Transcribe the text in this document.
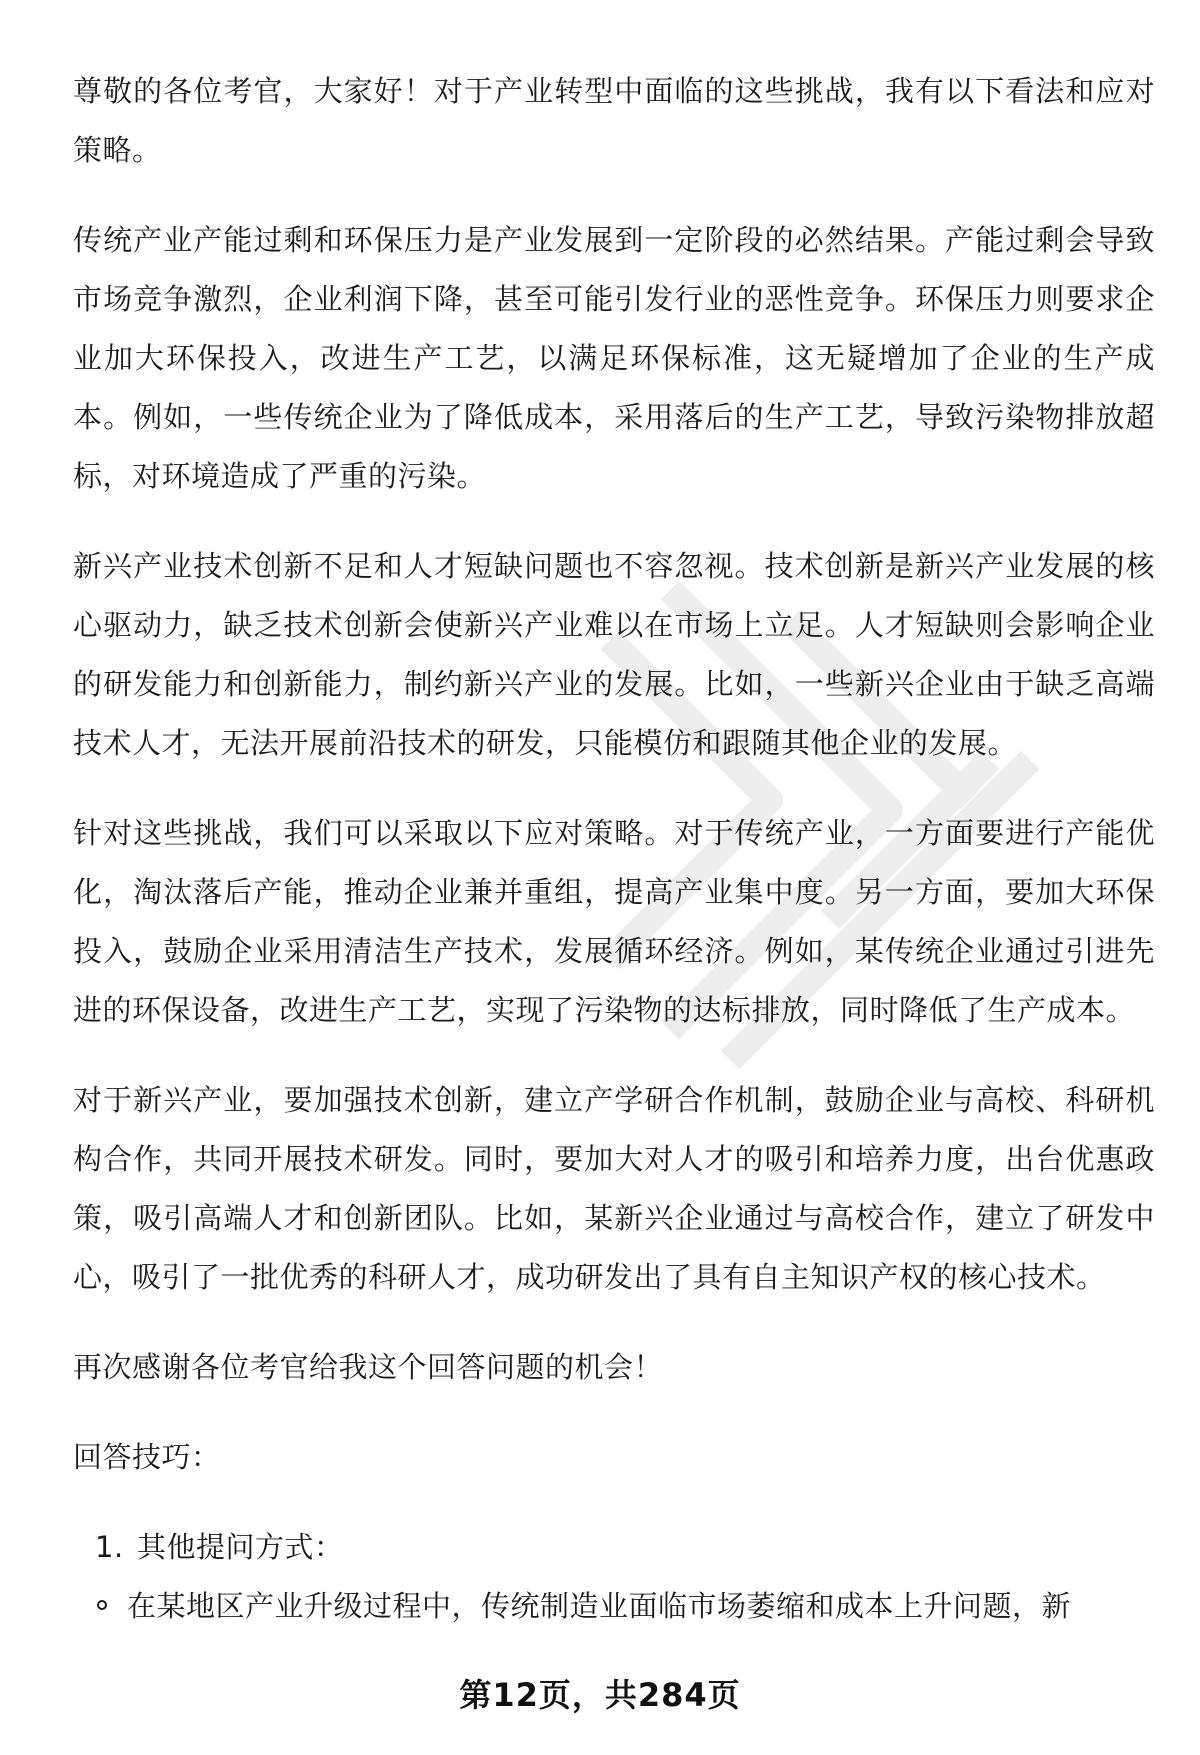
尊敬的各位考官，大家好！对于产业转型中面临的这些挑战，我有以下看法和应对策略。

传统产业产能过剩和环保压力是产业发展到一定阶段的必然结果。产能过剩会导致市场竞争激烈，企业利润下降，甚至可能引发行业的恶性竞争。环保压力则要求企业加大环保投入，改进生产工艺，以满足环保标准，这无疑增加了企业的生产成本。例如，一些传统企业为了降低成本，采用落后的生产工艺，导致污染物排放超标，对环境造成了严重的污染。

新兴产业技术创新不足和人才短缺问题也不容忽视。技术创新是新兴产业发展的核心驱动力，缺乏技术创新会使新兴产业难以在市场上立足。人才短缺则会影响企业的研发能力和创新能力，制约新兴产业的发展。比如，一些新兴企业由于缺乏高端技术人才，无法开展前沿技术的研发，只能模仿和跟随其他企业的发展。

针对这些挑战，我们可以采取以下应对策略。对于传统产业，一方面要进行产能优化，淘汰落后产能，推动企业兼并重组，提高产业集中度。另一方面，要加大环保投入，鼓励企业采用清洁生产技术，发展循环经济。例如，某传统企业通过引进先进的环保设备，改进生产工艺，实现了污染物的达标排放，同时降低了生产成本。

对于新兴产业，要加强技术创新，建立产学研合作机制，鼓励企业与高校、科研机构合作，共同开展技术研发。同时，要加大对人才的吸引和培养力度，出台优惠政策，吸引高端人才和创新团队。比如，某新兴企业通过与高校合作，建立了研发中心，吸引了一批优秀的科研人才，成功研发出了具有自主知识产权的核心技术。

再次感谢各位考官给我这个回答问题的机会！

回答技巧：

1. 其他提问方式：
在某地区产业升级过程中，传统制造业面临市场萎缩和成本上升问题，新
第12页，共284页
